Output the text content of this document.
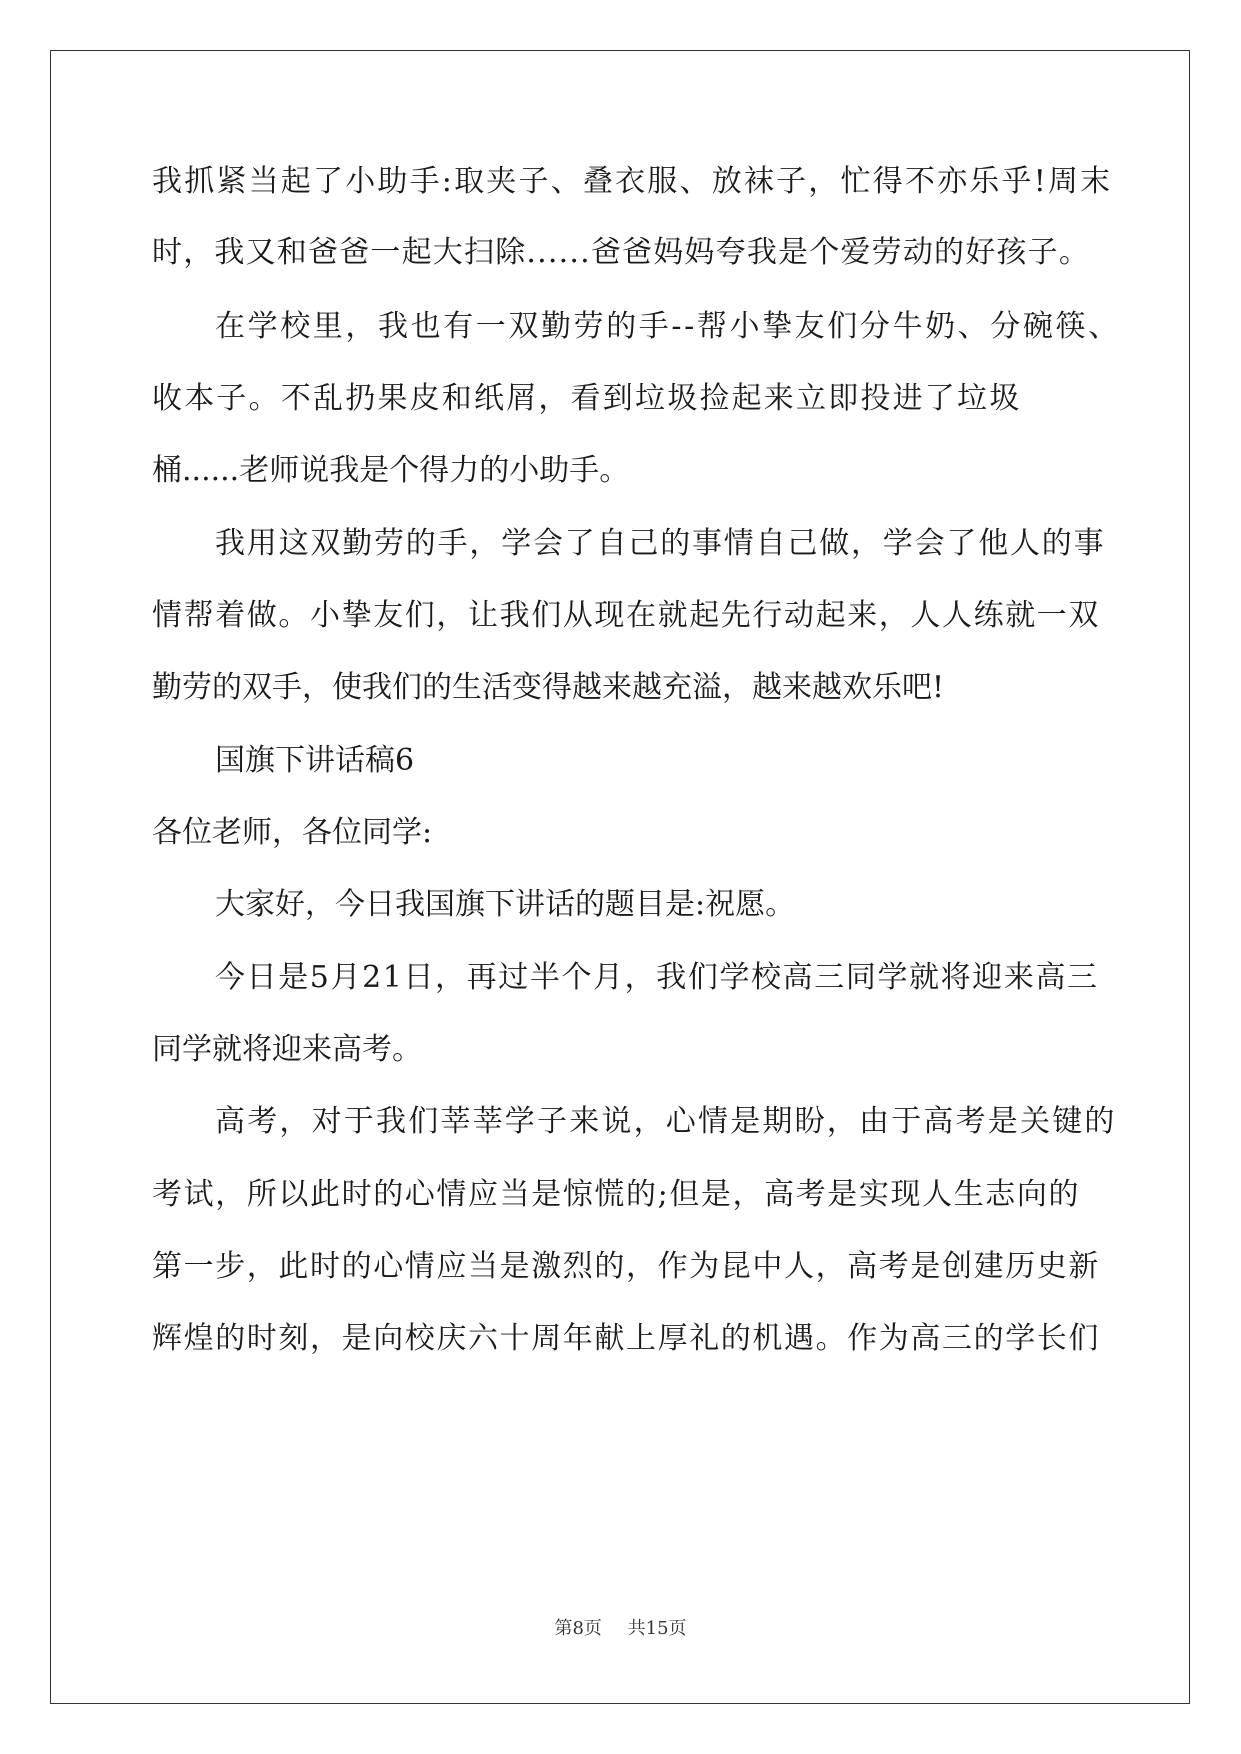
我抓紧当起了小助手:取夹子、叠衣服、放袜子，忙得不亦乐乎!周末
时，我又和爸爸一起大扫除......爸爸妈妈夸我是个爱劳动的好孩子。
在学校里，我也有一双勤劳的手--帮小挚友们分牛奶、分碗筷、
收本子。不乱扔果皮和纸屑，看到垃圾捡起来立即投进了垃圾
桶......老师说我是个得力的小助手。
我用这双勤劳的手，学会了自己的事情自己做，学会了他人的事
情帮着做。小挚友们，让我们从现在就起先行动起来，人人练就一双
勤劳的双手，使我们的生活变得越来越充溢，越来越欢乐吧!
国旗下讲话稿6
各位老师，各位同学:
大家好，今日我国旗下讲话的题目是:祝愿。
今日是5月21日，再过半个月，我们学校高三同学就将迎来高三
同学就将迎来高考。
高考，对于我们莘莘学子来说，心情是期盼，由于高考是关键的
考试，所以此时的心情应当是惊慌的;但是，高考是实现人生志向的
第一步，此时的心情应当是激烈的，作为昆中人，高考是创建历史新
辉煌的时刻，是向校庆六十周年献上厚礼的机遇。作为高三的学长们
第8页 共15页
